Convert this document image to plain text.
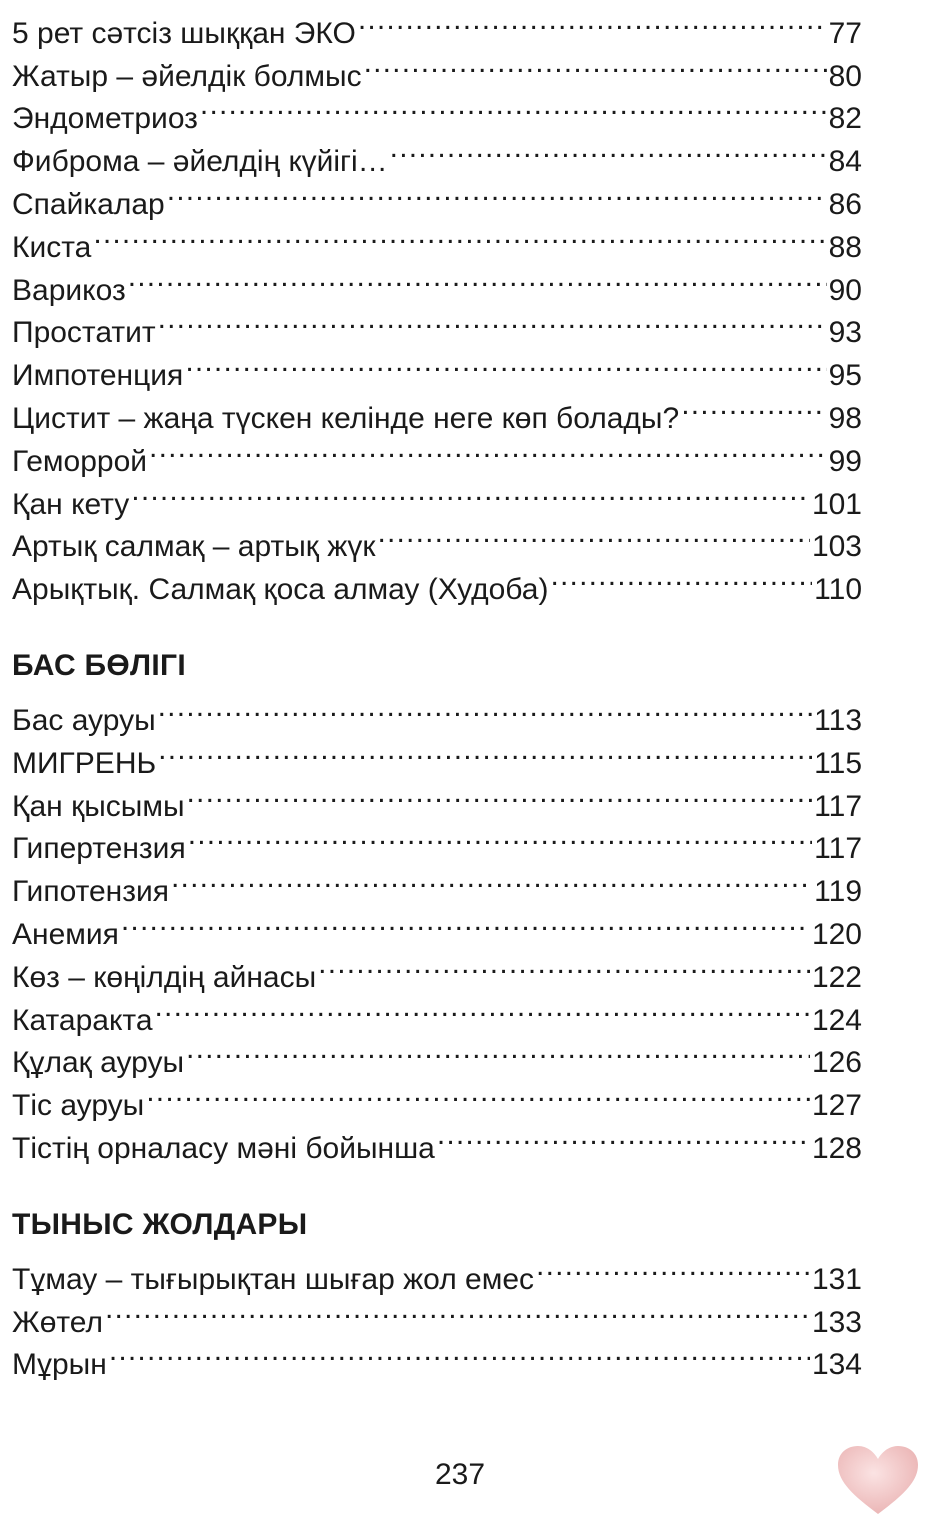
5 рет сәтсіз шыққан ЭКО .....	77
Жатыр – әйелдік болмыс .....	80
Эндометриоз .....	82
Фиброма – әйелдің күйігі… .....	84
Спайкалар .....	86
Киста .....	88
Варикоз .....	90
Простатит .....	93
Импотенция .....	95
Цистит – жаңа түскен келінде неге көп болады? .....	98
Геморрой .....	99
Қан кету .....	101
Артық салмақ – артық жүк .....	103
Арықтық. Салмақ қоса алмау (Худоба) .....	110
БАС БӨЛІГІ
Бас ауруы .....	113
МИГРЕНЬ .....	115
Қан қысымы .....	117
Гипертензия .....	117
Гипотензия .....	119
Анемия .....	120
Көз – көңілдің айнасы .....	122
Катаракта .....	124
Құлақ ауруы .....	126
Тіс ауруы .....	127
Тістің орналасу мәні бойынша .....	128
ТЫНЫС ЖОЛДАРЫ
Тұмау – тығырықтан шығар жол емес .....	131
Жөтел .....	133
Мұрын .....	134
237
